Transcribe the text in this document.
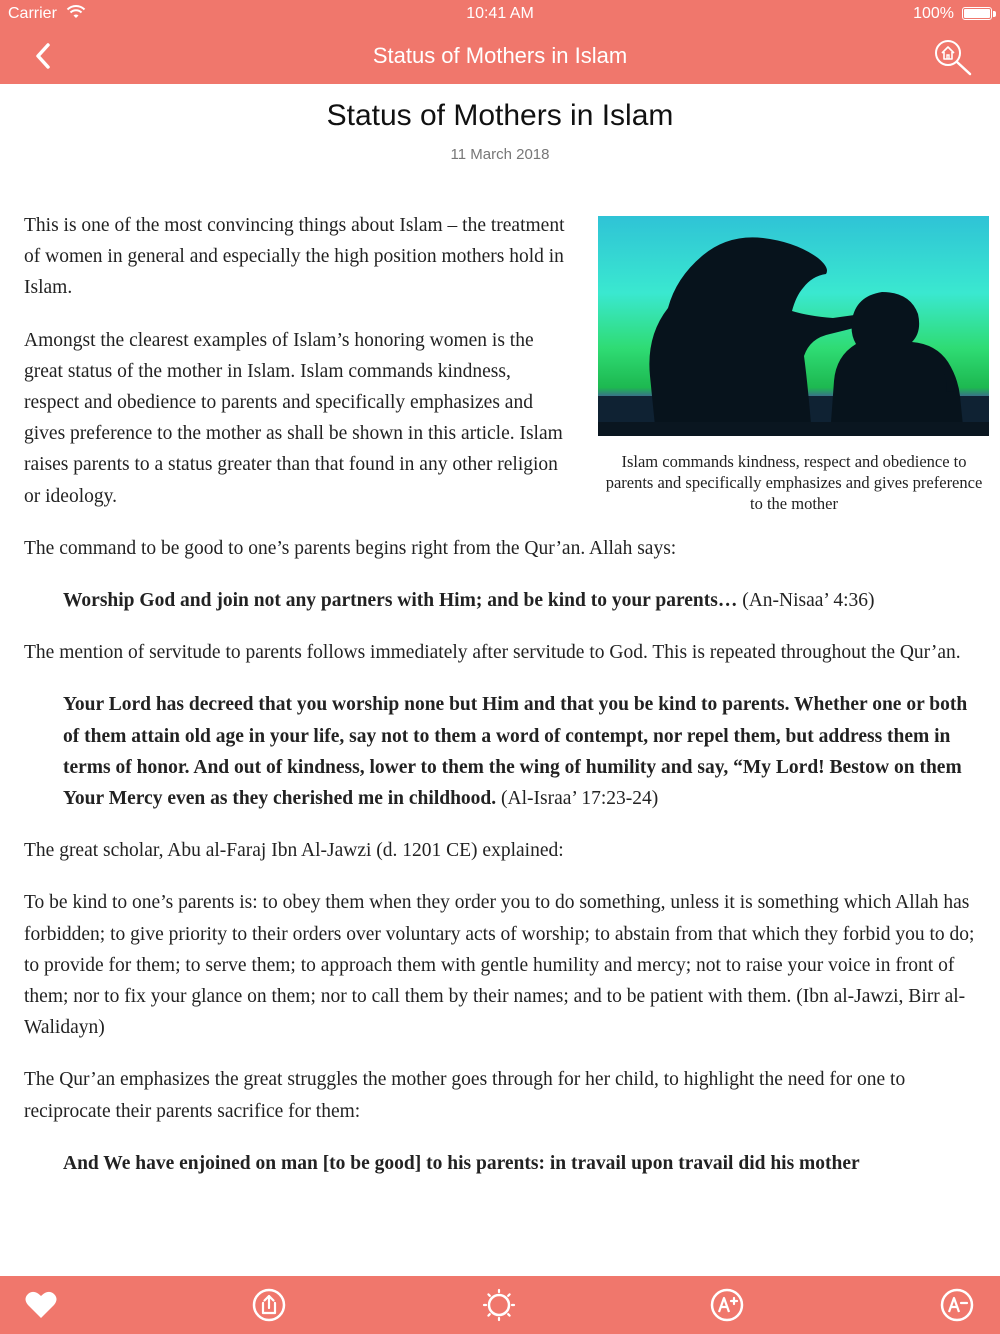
Carrier	10:41 AM	100%
Status of Mothers in Islam
Status of Mothers in Islam
11 March 2018
Islam commands kindness, respect and obedience to parents and specifically emphasizes and gives preference to the mother

This is one of the most convincing things about Islam – the treatment of women in general and especially the high position mothers hold in Islam.

Amongst the clearest examples of Islam’s honoring women is the great status of the mother in Islam. Islam commands kindness, respect and obedience to parents and specifically emphasizes and gives preference to the mother as shall be shown in this article. Islam raises parents to a status greater than that found in any other religion or ideology.

The command to be good to one’s parents begins right from the Qur’an. Allah says:

Worship God and join not any partners with Him; and be kind to your parents… (An-Nisaa’ 4:36)

The mention of servitude to parents follows immediately after servitude to God. This is repeated throughout the Qur’an.

Your Lord has decreed that you worship none but Him and that you be kind to parents. Whether one or both of them attain old age in your life, say not to them a word of contempt, nor repel them, but address them in terms of honor. And out of kindness, lower to them the wing of humility and say, “My Lord! Bestow on them Your Mercy even as they cherished me in childhood. (Al-Israa’ 17:23-24)

The great scholar, Abu al-Faraj Ibn Al-Jawzi (d. 1201 CE) explained:

To be kind to one’s parents is: to obey them when they order you to do something, unless it is something which Allah has forbidden; to give priority to their orders over voluntary acts of worship; to abstain from that which they forbid you to do; to provide for them; to serve them; to approach them with gentle humility and mercy; not to raise your voice in front of them; nor to fix your glance on them; nor to call them by their names; and to be patient with them. (Ibn al-Jawzi, Birr al-Walidayn)

The Qur’an emphasizes the great struggles the mother goes through for her child, to highlight the need for one to reciprocate their parents sacrifice for them:

And We have enjoined on man [to be good] to his parents: in travail upon travail did his mother
